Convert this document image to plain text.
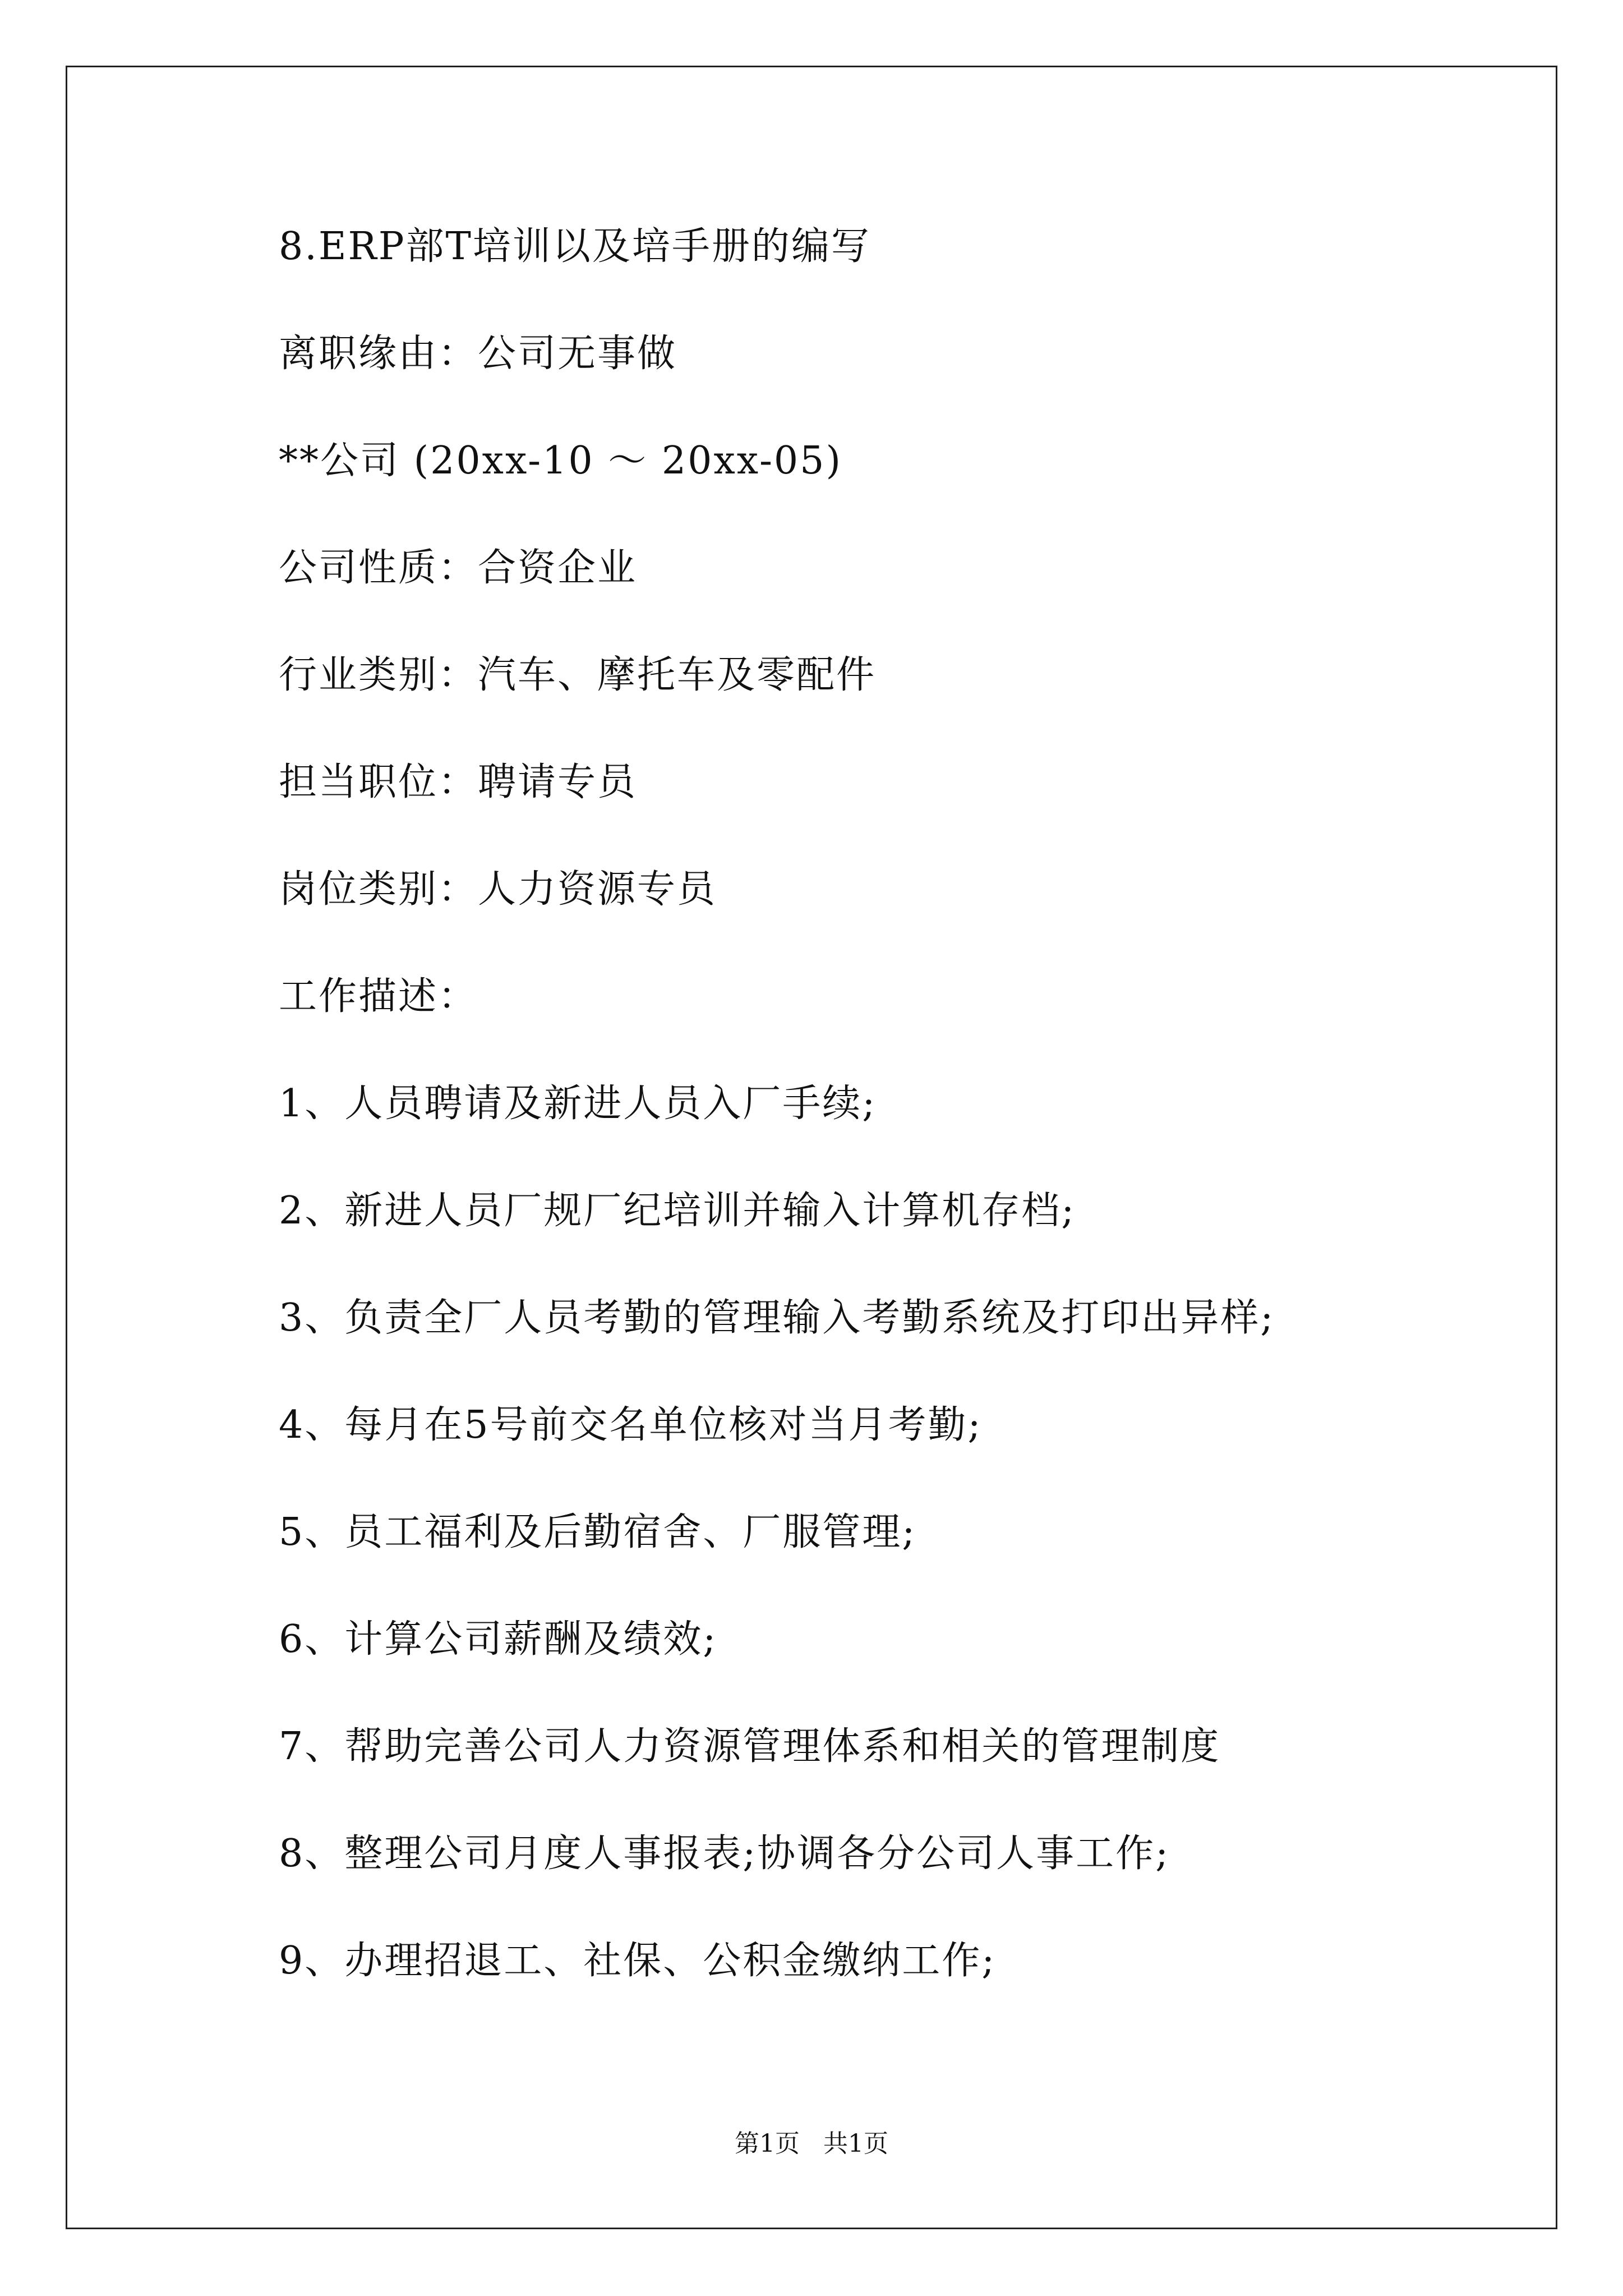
8.ERP部T培训以及培手册的编写
离职缘由：公司无事做
**公司 (20xx-10 ～ 20xx-05)
公司性质：合资企业
行业类别：汽车、摩托车及零配件
担当职位：聘请专员
岗位类别：人力资源专员
工作描述：
1、人员聘请及新进人员入厂手续;
2、新进人员厂规厂纪培训并输入计算机存档;
3、负责全厂人员考勤的管理输入考勤系统及打印出异样;
4、每月在5号前交名单位核对当月考勤;
5、员工福利及后勤宿舍、厂服管理;
6、计算公司薪酬及绩效;
7、帮助完善公司人力资源管理体系和相关的管理制度
8、整理公司月度人事报表;协调各分公司人事工作;
9、办理招退工、社保、公积金缴纳工作;
第1页   共1页
